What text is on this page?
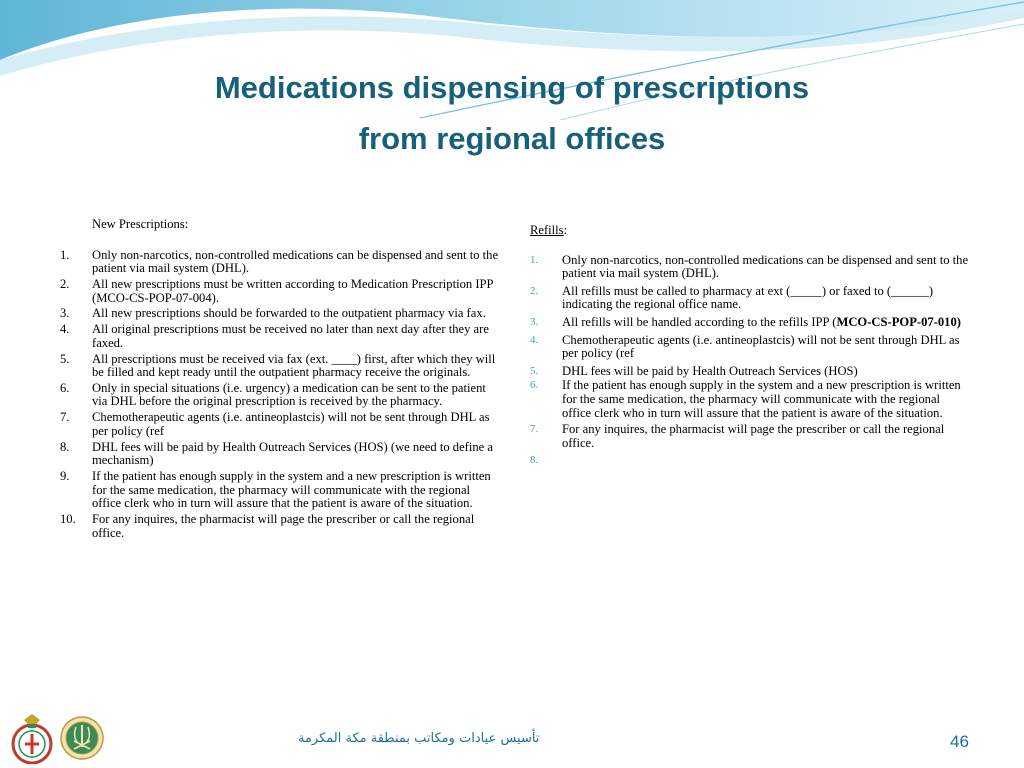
Medications dispensing of prescriptions
from regional offices
New Prescriptions:
1. Only non-narcotics, non-controlled medications can be dispensed and sent to the patient via mail system (DHL).
2. All new prescriptions must be written according to Medication Prescription IPP (MCO-CS-POP-07-004).
3. All new prescriptions should be forwarded to the outpatient pharmacy via fax.
4. All original prescriptions must be received no later than next day after they are faxed.
5. All prescriptions must be received via fax (ext. ____) first, after which they will be filled and kept ready until the outpatient pharmacy receive the originals.
6. Only in special situations (i.e. urgency) a medication can be sent to the patient via DHL before the original prescription is received by the pharmacy.
7. Chemotherapeutic agents (i.e. antineoplastcis) will not be sent through DHL as per policy (ref
8. DHL fees will be paid by Health Outreach Services (HOS) (we need to define a mechanism)
9. If the patient has enough supply in the system and a new prescription is written for the same medication, the pharmacy will communicate with the regional office clerk who in turn will assure that the patient is aware of the situation.
10. For any inquires, the pharmacist will page the prescriber or call the regional office.
Refills:
1. Only non-narcotics, non-controlled medications can be dispensed and sent to the patient via mail system (DHL).
2. All refills must be called to pharmacy at ext (_____) or faxed to (______) indicating the regional office name.
3. All refills will be handled according to the refills IPP (MCO-CS-POP-07-010)
4. Chemotherapeutic agents (i.e. antineoplastcis) will not be sent through DHL as per policy (ref
5. DHL fees will be paid by Health Outreach Services (HOS)
6. If the patient has enough supply in the system and a new prescription is written for the same medication, the pharmacy will communicate with the regional office clerk who in turn will assure that the patient is aware of the situation.
7. For any inquires, the pharmacist will page the prescriber or call the regional office.
8.
تأسيس عيادات ومكاتب بمنطقة مكة المكرمة	46
